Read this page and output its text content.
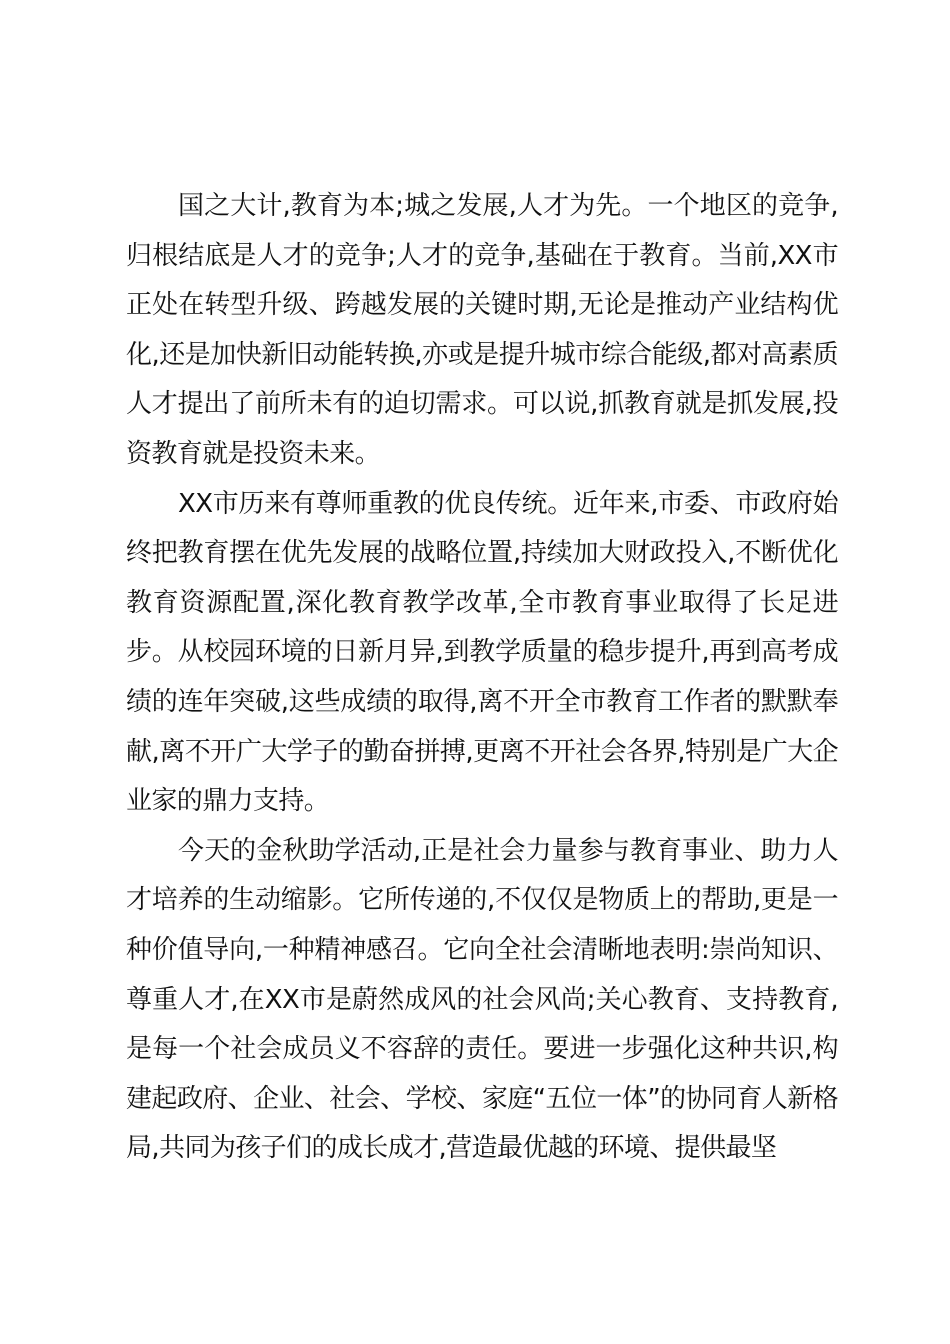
国之大计,教育为本;城之发展,人才为先。一个地区的竞争,归根结底是人才的竞争;人才的竞争,基础在于教育。当前,XX市正处在转型升级、跨越发展的关键时期,无论是推动产业结构优化,还是加快新旧动能转换,亦或是提升城市综合能级,都对高素质人才提出了前所未有的迫切需求。可以说,抓教育就是抓发展,投资教育就是投资未来。

XX市历来有尊师重教的优良传统。近年来,市委、市政府始终把教育摆在优先发展的战略位置,持续加大财政投入,不断优化教育资源配置,深化教育教学改革,全市教育事业取得了长足进步。从校园环境的日新月异,到教学质量的稳步提升,再到高考成绩的连年突破,这些成绩的取得,离不开全市教育工作者的默默奉献,离不开广大学子的勤奋拼搏,更离不开社会各界,特别是广大企业家的鼎力支持。

今天的金秋助学活动,正是社会力量参与教育事业、助力人才培养的生动缩影。它所传递的,不仅仅是物质上的帮助,更是一种价值导向,一种精神感召。它向全社会清晰地表明:崇尚知识、尊重人才,在XX市是蔚然成风的社会风尚;关心教育、支持教育,是每一个社会成员义不容辞的责任。要进一步强化这种共识,构建起政府、企业、社会、学校、家庭“五位一体”的协同育人新格局,共同为孩子们的成长成才,营造最优越的环境、提供最坚
